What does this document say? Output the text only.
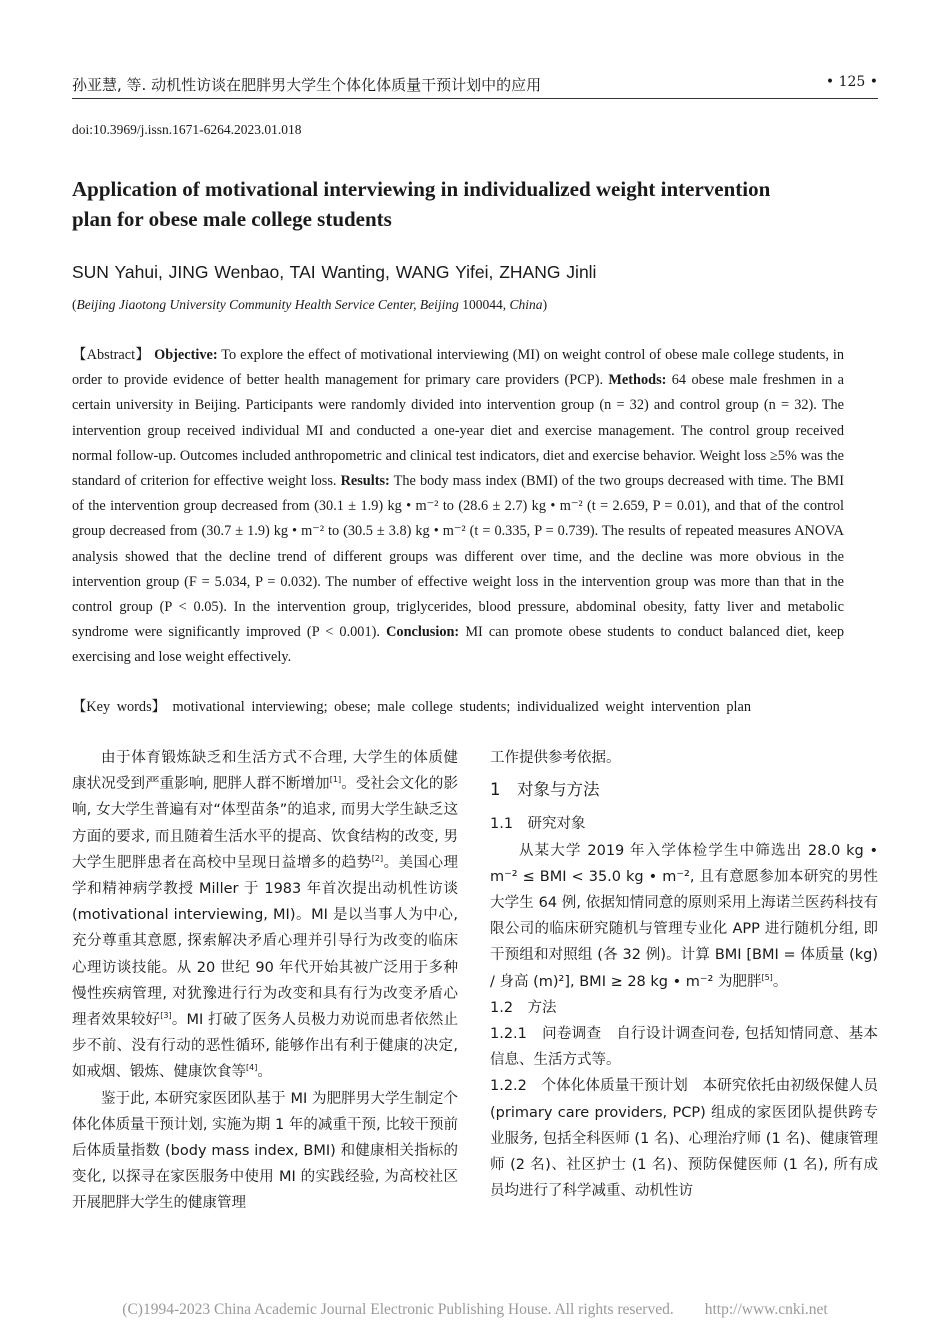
孙亚慧, 等. 动机性访谈在肥胖男大学生个体化体质量干预计划中的应用	• 125 •
doi:10.3969/j.issn.1671-6264.2023.01.018
Application of motivational interviewing in individualized weight intervention plan for obese male college students
SUN Yahui, JING Wenbao, TAI Wanting, WANG Yifei, ZHANG Jinli
(Beijing Jiaotong University Community Health Service Center, Beijing 100044, China)
【Abstract】 Objective: To explore the effect of motivational interviewing (MI) on weight control of obese male college students, in order to provide evidence of better health management for primary care providers (PCP). Methods: 64 obese male freshmen in a certain university in Beijing. Participants were randomly divided into intervention group (n = 32) and control group (n = 32). The intervention group received individual MI and conducted a one-year diet and exercise management. The control group received normal follow-up. Outcomes included anthropometric and clinical test indicators, diet and exercise behavior. Weight loss ≥5% was the standard of criterion for effective weight loss. Results: The body mass index (BMI) of the two groups decreased with time. The BMI of the intervention group decreased from (30.1 ± 1.9) kg • m⁻² to (28.6 ± 2.7) kg • m⁻² (t = 2.659, P = 0.01), and that of the control group decreased from (30.7 ± 1.9) kg • m⁻² to (30.5 ± 3.8) kg • m⁻² (t = 0.335, P = 0.739). The results of repeated measures ANOVA analysis showed that the decline trend of different groups was different over time, and the decline was more obvious in the intervention group (F = 5.034, P = 0.032). The number of effective weight loss in the intervention group was more than that in the control group (P < 0.05). In the intervention group, triglycerides, blood pressure, abdominal obesity, fatty liver and metabolic syndrome were significantly improved (P < 0.001). Conclusion: MI can promote obese students to conduct balanced diet, keep exercising and lose weight effectively.
【Key words】 motivational interviewing; obese; male college students; individualized weight intervention plan

由于体育锻炼缺乏和生活方式不合理, 大学生的体质健康状况受到严重影响, 肥胖人群不断增加[1]。受社会文化的影响, 女大学生普遍有对“体型苗条”的追求, 而男大学生缺乏这方面的要求, 而且随着生活水平的提高、饮食结构的改变, 男大学生肥胖患者在高校中呈现日益增多的趋势[2]。美国心理学和精神病学教授 Miller 于 1983 年首次提出动机性访谈 (motivational interviewing, MI)。MI 是以当事人为中心, 充分尊重其意愿, 探索解决矛盾心理并引导行为改变的临床心理访谈技能。从 20 世纪 90 年代开始其被广泛用于多种慢性疾病管理, 对犹豫进行行为改变和具有行为改变矛盾心理者效果较好[3]。MI 打破了医务人员极力劝说而患者依然止步不前、没有行动的恶性循环, 能够作出有利于健康的决定, 如戒烟、锻炼、健康饮食等[4]。

鉴于此, 本研究家医团队基于 MI 为肥胖男大学生制定个体化体质量干预计划, 实施为期 1 年的减重干预, 比较干预前后体质量指数 (body mass index, BMI) 和健康相关指标的变化, 以探寻在家医服务中使用 MI 的实践经验, 为高校社区开展肥胖大学生的健康管理

工作提供参考依据。

1　对象与方法

1.1　研究对象

从某大学 2019 年入学体检学生中筛选出 28.0 kg • m⁻² ≤ BMI < 35.0 kg • m⁻², 且有意愿参加本研究的男性大学生 64 例, 依据知情同意的原则采用上海诺兰医药科技有限公司的临床研究随机与管理专业化 APP 进行随机分组, 即干预组和对照组 (各 32 例)。计算 BMI [BMI = 体质量 (kg) / 身高 (m)²], BMI ≥ 28 kg • m⁻² 为肥胖[5]。

1.2　方法

1.2.1　问卷调查　自行设计调查问卷, 包括知情同意、基本信息、生活方式等。

1.2.2　个体化体质量干预计划　本研究依托由初级保健人员 (primary care providers, PCP) 组成的家医团队提供跨专业服务, 包括全科医师 (1 名)、心理治疗师 (1 名)、健康管理师 (2 名)、社区护士 (1 名)、预防保健医师 (1 名), 所有成员均进行了科学减重、动机性访

(C)1994-2023 China Academic Journal Electronic Publishing House. All rights reserved.　　http://www.cnki.net
